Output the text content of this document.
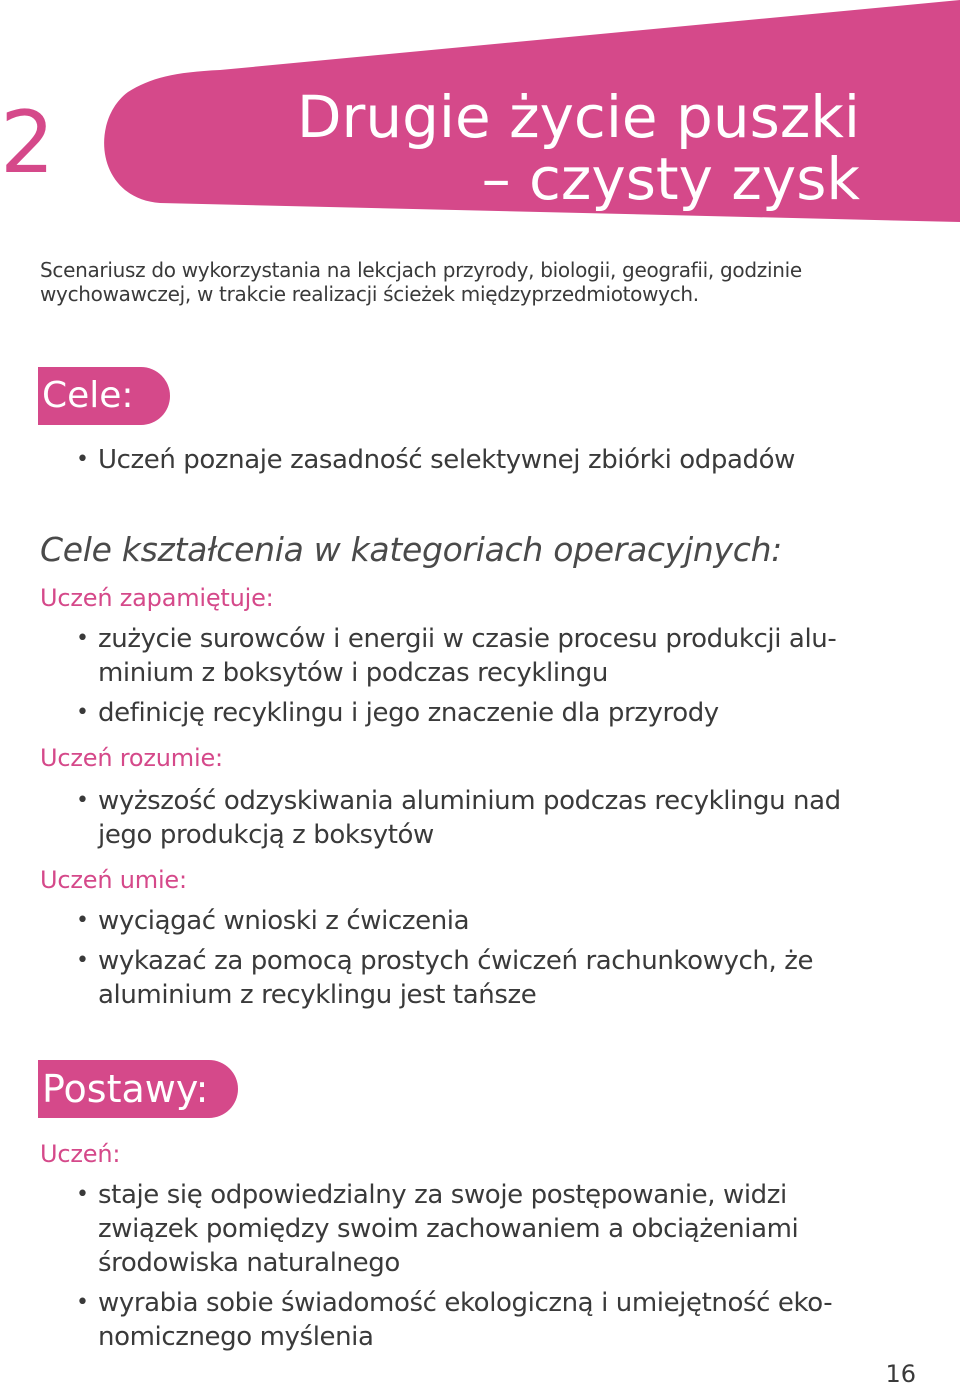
2	Drugie życie puszki
– czysty zysk
Scenariusz do wykorzystania na lekcjach przyrody, biologii, geografii, godzinie wychowawczej, w trakcie realizacji ścieżek międzyprzedmiotowych.
Cele:
• Uczeń poznaje zasadność selektywnej zbiórki odpadów
Cele kształcenia w kategoriach operacyjnych:
Uczeń zapamiętuje:
• zużycie surowców i energii w czasie procesu produkcji alu-
minium z boksytów i podczas recyklingu
• definicję recyklingu i jego znaczenie dla przyrody
Uczeń rozumie:
• wyższość odzyskiwania aluminium podczas recyklingu nad
jego produkcją z boksytów
Uczeń umie:
• wyciągać wnioski z ćwiczenia
• wykazać za pomocą prostych ćwiczeń rachunkowych, że
aluminium z recyklingu jest tańsze
Postawy:
Uczeń:
• staje się odpowiedzialny za swoje postępowanie, widzi
związek pomiędzy swoim zachowaniem a obciążeniami
środowiska naturalnego
• wyrabia sobie świadomość ekologiczną i umiejętność eko-
nomicznego myślenia
16
